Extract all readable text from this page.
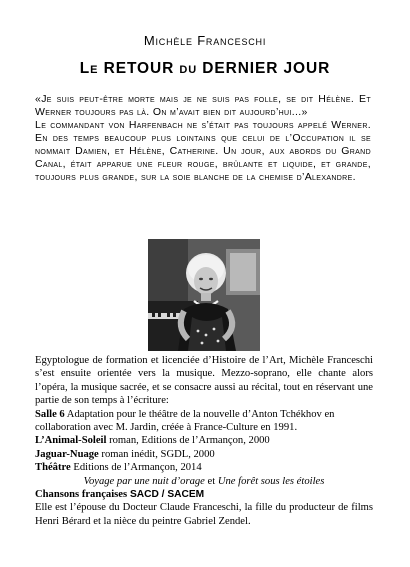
Michèle Franceschi
Le RETOUR du DERNIER JOUR

«Je suis peut-être morte mais je ne suis pas folle, se dit Hélène. Et Werner toujours pas là. On m’avait bien dit aujourd’hui...»

Le commandant von Harfenbach ne s’était pas toujours appelé Werner. En des temps beaucoup plus lointains que celui de l’Occupation il se nommait Damien, et Hélène, Catherine. Un jour, aux abords du Grand Canal, était apparue une fleur rouge, brûlante et liquide, et grande, toujours plus grande, sur la soie blanche de la chemise d’Alexandre.

Egyptologue de formation et licenciée d’Histoire de l’Art, Michèle Franceschi s’est ensuite orientée vers la musique. Mezzo-soprano, elle chante alors l’opéra, la musique sacrée, et se consacre aussi au récital, tout en réservant une partie de son temps à l’écriture:

Salle 6 Adaptation pour le théâtre de la nouvelle d’Anton Tchékhov en collaboration avec M. Jardin, créée à France-Culture en 1991.

L’Animal-Soleil roman, Editions de l’Armançon, 2000

Jaguar-Nuage roman inédit, SGDL, 2000

Théâtre Editions de l’Armançon, 2014

Voyage par une nuit d’orage et Une forêt sous les étoiles

Chansons françaises SACD / SACEM

Elle est l’épouse du Docteur Claude Franceschi, la fille du producteur de films Henri Bérard et la nièce du peintre Gabriel Zendel.
